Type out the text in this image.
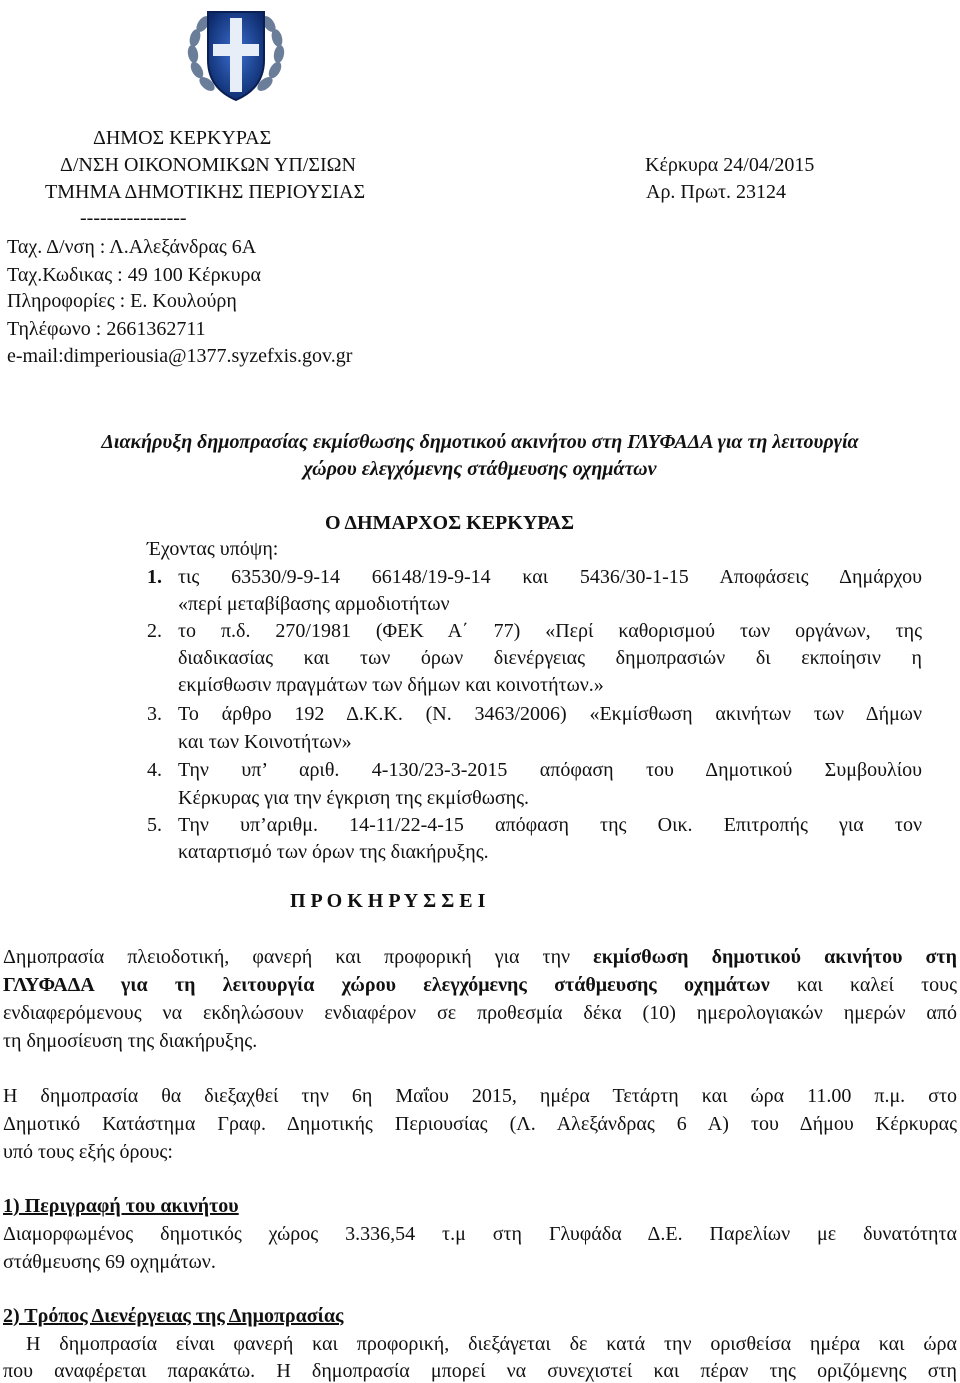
ΔΗΜΟΣ ΚΕΡΚΥΡΑΣ
Δ/ΝΣΗ ΟΙΚΟΝΟΜΙΚΩΝ ΥΠ/ΣΙΩΝ
ΤΜΗΜΑ ΔΗΜΟΤΙΚΗΣ ΠΕΡΙΟΥΣΙΑΣ
----------------
Ταχ. Δ/νση : Λ.Αλεξάνδρας 6Α
Ταχ.Κωδικας : 49 100 Κέρκυρα
Πληροφορίες : Ε. Κουλούρη
Τηλέφωνο : 2661362711
e-mail:dimperiousia@1377.syzefxis.gov.gr
Κέρκυρα 24/04/2015
Αρ. Πρωτ. 23124
Διακήρυξη δημοπρασίας εκμίσθωσης δημοτικού ακινήτου στη ΓΛΥΦΑΔΑ για τη λειτουργία
χώρου ελεγχόμενης στάθμευσης οχημάτων
Ο ΔΗΜΑΡΧΟΣ ΚΕΡΚΥΡΑΣ
Έχοντας υπόψη:
1. τις 63530/9-9-14 66148/19-9-14 και 5436/30-1-15 Αποφάσεις Δημάρχου
«περί μεταβίβασης αρμοδιοτήτων
2. το π.δ. 270/1981 (ΦΕΚ Α΄ 77) «Περί καθορισμού των οργάνων, της
διαδικασίας και των όρων διενέργειας δημοπρασιών δι εκποίησιν η
εκμίσθωσιν πραγμάτων των δήμων και κοινοτήτων.»
3. Το άρθρο 192 Δ.Κ.Κ. (Ν. 3463/2006) «Εκμίσθωση ακινήτων των Δήμων
και των Κοινοτήτων»
4. Την υπ’ αριθ. 4-130/23-3-2015 απόφαση του Δημοτικού Συμβουλίου
Κέρκυρας για την έγκριση της εκμίσθωσης.
5. Την υπ’αριθμ. 14-11/22-4-15 απόφαση της Οικ. Επιτροπής για τον
καταρτισμό των όρων της διακήρυξης.
Π Ρ Ο Κ Η Ρ Υ Σ Σ Ε Ι
Δημοπρασία πλειοδοτική, φανερή και προφορική για την εκμίσθωση δημοτικού ακινήτου στη
ΓΛΥΦΑΔΑ για τη λειτουργία χώρου ελεγχόμενης στάθμευσης οχημάτων και καλεί τους
ενδιαφερόμενους να εκδηλώσουν ενδιαφέρον σε προθεσμία δέκα (10) ημερολογιακών ημερών από
τη δημοσίευση της διακήρυξης.
Η δημοπρασία θα διεξαχθεί την 6η Μαΐου 2015, ημέρα Τετάρτη και ώρα 11.00 π.μ. στο
Δημοτικό Κατάστημα Γραφ. Δημοτικής Περιουσίας (Λ. Αλεξάνδρας 6 Α) του Δήμου Κέρκυρας
υπό τους εξής όρους:
1) Περιγραφή του ακινήτου
Διαμορφωμένος δημοτικός χώρος 3.336,54 τ.μ στη Γλυφάδα Δ.Ε. Παρελίων με δυνατότητα
στάθμευσης 69 οχημάτων.
2) Τρόπος Διενέργειας της Δημοπρασίας
Η δημοπρασία είναι φανερή και προφορική, διεξάγεται δε κατά την ορισθείσα ημέρα και ώρα
που αναφέρεται παρακάτω. Η δημοπρασία μπορεί να συνεχιστεί και πέραν της οριζόμενης στη
